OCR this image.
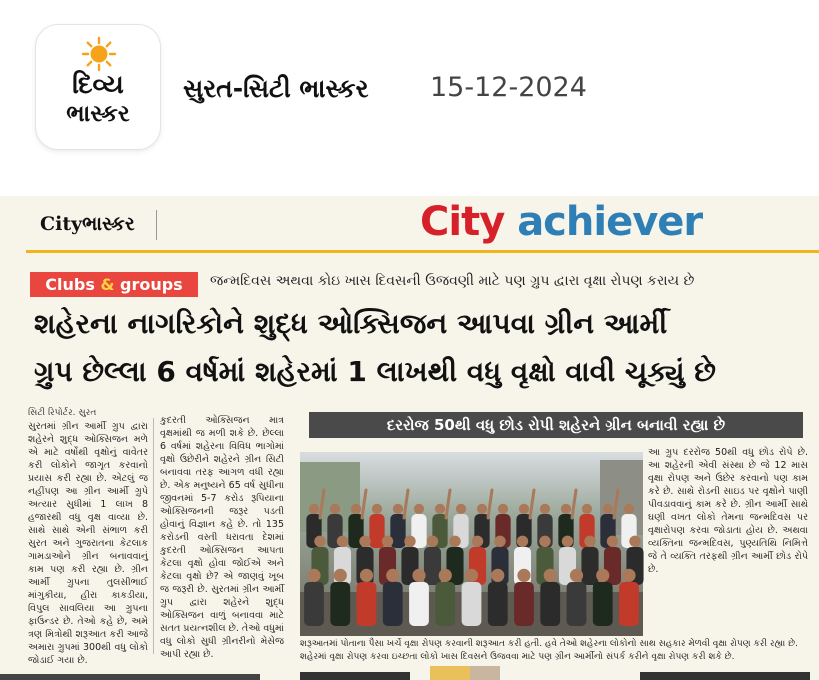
દિવ્ય
ભાસ્કર
સુરત-સિટી ભાસ્કર 15-12-2024
Cityભાસ્કર	City achiever
Clubs & groups	જન્મદિવસ અથવા કોઇ ખાસ દિવસની ઉજવણી માટે પણ ગ્રુપ દ્વારા વૃક્ષા રોપણ કરાય છે
શહેરના નાગરિકોને શુદ્ધ ઓક્સિજન આપવા ગ્રીન આર્મી
ગ્રુપ છેલ્લા 6 વર્ષમાં શહેરમાં 1 લાખથી વધુ વૃક્ષો વાવી ચૂક્યું છે
સિટી રિપોર્ટર. સુરત
સુરતમાં ગ્રીન આર્મી ગ્રુપ દ્વારા શહેરને શુદ્ધ ઓક્સિજન મળે એ માટે વર્ષોથી વૃક્ષોનું વાવેતર કરી લોકોને જાગૃત કરવાનો પ્રયાસ કરી રહ્યા છે. એટલું જ નહીંપણ આ ગ્રીન આર્મી ગ્રુપે અત્યાર સુધીમાં 1 લાખ 8 હજારથી વધુ વૃક્ષ વાવ્યા છે. સાથે સાથે એની સંભાળ કરી સુરત અને ગુજરાતના કેટલાક ગામડાઓને ગ્રીન બનાવવાનું કામ પણ કરી રહ્યા છે. ગ્રીન આર્મી ગ્રુપના તુલસીભાઈ માંગુકીયા, હીરા કાકડીયા, વિપુલ સાવલિયા આ ગ્રુપના ફાઉન્ડર છે. તેઓ કહે છે, અમે ત્રણ મિત્રોથી શરૂઆત કરી આજે અમારા ગ્રુપમાં 300થી વધુ લોકો જોડાઈ ગયા છે.
કુદરતી ઓક્સિજન માત્ર વૃક્ષમાંથી જ મળી શકે છે. છેલ્લા 6 વર્ષમાં શહેરના વિવિધ ભાગોમાં વૃક્ષો ઉછેરીને શહેરને ગ્રીન સિટી બનાવવા તરફ આગળ વધી રહ્યા છે. એક મનુષ્યને 65 વર્ષ સુધીના જીવનમાં 5-7 કરોડ રૂપિયાના ઓક્સિજનની જરૂર પડતી હોવાનું વિજ્ઞાન કહે છે. તો 135 કરોડની વસ્તી ધરાવતા દેશમાં કુદરતી ઓક્સિજન આપતા કેટલા વૃક્ષો હોવા જોઈએ અને કેટલા વૃક્ષો છે? એ જાણવું ખૂબ જ જરૂરી છે. સુરતમાં ગ્રીન આર્મી ગ્રુપ દ્વારા શહેરને શુદ્ધ ઓક્સિજન વાળું બનાવવા માટે સતત પ્રયત્નશીલ છે. તેઓ વધુમાં વધુ લોકો સુધી ગ્રીનરીનો મેસેજ આપી રહ્યા છે.
દરરોજ 50થી વધુ છોડ રોપી શહેરને ગ્રીન બનાવી રહ્યા છે
શરૂઆતમાં પોતાના પૈસા ખર્ચે વૃક્ષા રોપણ કરવાની શરૂઆત કરી હતી. હવે તેઓ શહેરના લોકોનો સાથ સહકાર મેળવી વૃક્ષા રોપણ કરી રહ્યા છે. શહેરમાં વૃક્ષા રોપણ કરવા ઇચ્છતા લોકો ખાસ દિવસને ઉજવવા માટે પણ ગ્રીન આર્મીનો સંપર્ક કરીને વૃક્ષા રોપણ કરી શકે છે.
આ ગ્રુપ દરરોજ 50થી વધુ છોડ રોપે છે. આ શહેરની એવી સંસ્થા છે જે 12 માસ વૃક્ષા રોપણ અને ઉછેર કરવાનો પણ કામ કરે છે. સાથે રોડની સાઇડ પર વૃક્ષોને પાણી પીવડાવવાનું કામ કરે છે. ગ્રીન આર્મી સાથે ઘણી વખત લોકો તેમના જન્મદિવસ પર વૃક્ષારોપણ કરવા જોડાતા હોય છે. અથવા વ્યક્તિના જન્મદિવસ, પુણ્યતિથિ નિમિત્તે જે તે વ્યક્તિ તરફથી ગ્રીન આર્મી છોડ રોપે છે.
